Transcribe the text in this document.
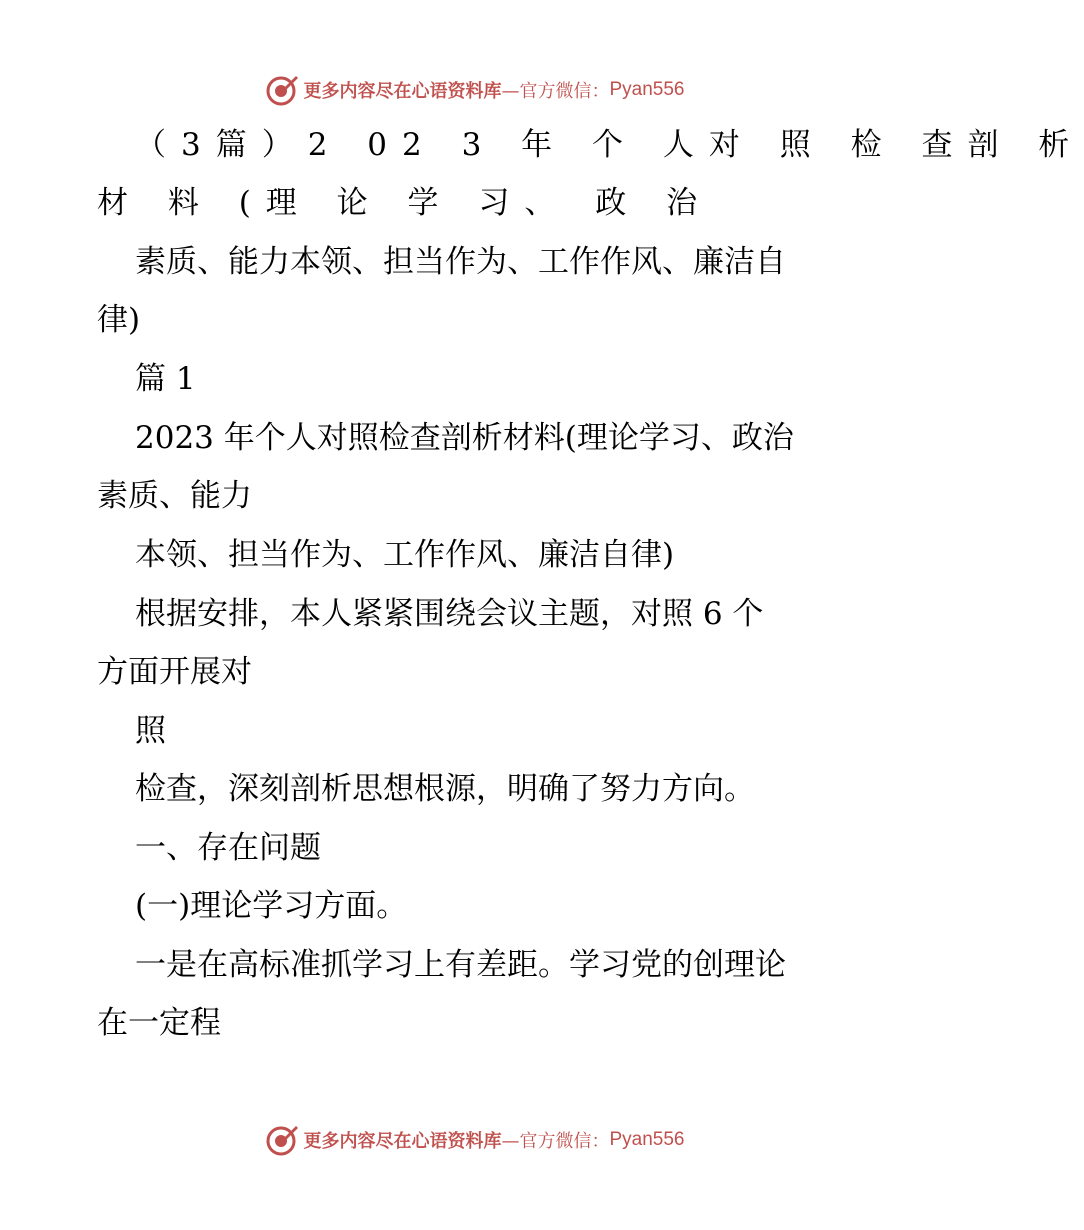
更多内容尽在心语资料库 —官方微信： Pyan556
（3篇）2 02 3 年 个 人对 照 检 查剖 析
材 料 (理 论 学 习、 政 治
素质、能力本领、担当作为、工作作风、廉洁自
律)
篇 1
2023 年个人对照检查剖析材料(理论学习、政治
素质、能力
本领、担当作为、工作作风、廉洁自律)
根据安排，本人紧紧围绕会议主题，对照 6 个
方面开展对
照
检查，深刻剖析思想根源，明确了努力方向。
一、存在问题
(一)理论学习方面。
一是在高标准抓学习上有差距。学习党的创理论
在一定程
更多内容尽在心语资料库 —官方微信： Pyan556
